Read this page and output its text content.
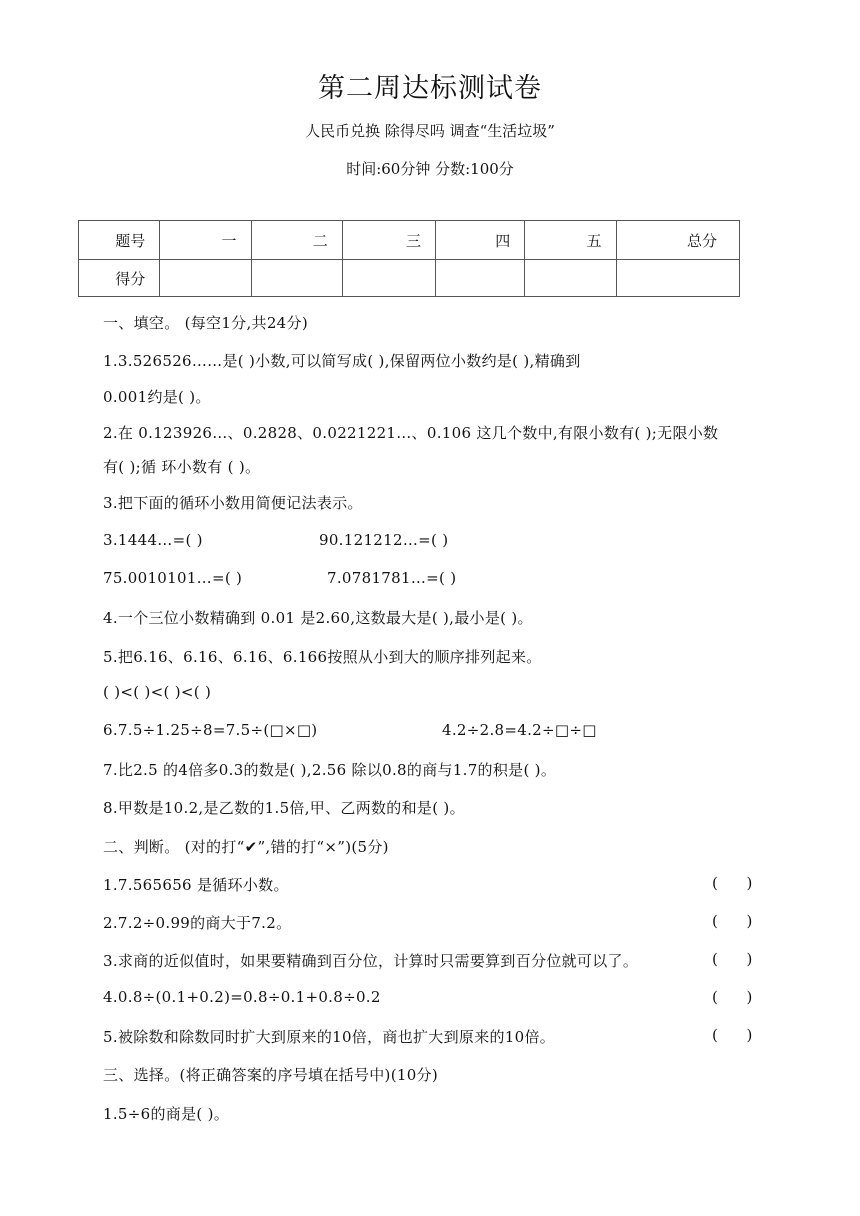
第二周达标测试卷
人民币兑换 除得尽吗 调查“生活垃圾”
时间:60分钟 分数:100分
题号	一	二	三	四	五	总分
得分						
一、填空。 (每空1分,共24分)
1.3.526526……是( )小数,可以简写成( ),保留两位小数约是( ),精确到
0.001约是( )。
2.在 0.123926…、0.2828、0.0221221…、0.106 这几个数中,有限小数有( );无限小数
有( );循 环小数有 ( )。
3.把下面的循环小数用简便记法表示。
3.1444…=( )	90.121212…=( )
75.0010101…=( )	7.0781781…=( )
4.一个三位小数精确到 0.01 是2.60,这数最大是( ),最小是( )。
5.把6.16、6.16、6.16、6.166按照从小到大的顺序排列起来。
( )<( )<( )<( )
6.7.5÷1.25÷8=7.5÷(□×□)	4.2÷2.8=4.2÷□÷□
7.比2.5 的4倍多0.3的数是( ),2.56 除以0.8的商与1.7的积是( )。
8.甲数是10.2,是乙数的1.5倍,甲、乙两数的和是( )。
二、判断。 (对的打“✔”,错的打“×”)(5分)
1.7.565656 是循环小数。	(      )
2.7.2÷0.99的商大于7.2。	(      )
3.求商的近似值时，如果要精确到百分位，计算时只需要算到百分位就可以了。	(      )
4.0.8÷(0.1+0.2)=0.8÷0.1+0.8÷0.2	(      )
5.被除数和除数同时扩大到原来的10倍，商也扩大到原来的10倍。	(      )
三、选择。(将正确答案的序号填在括号中)(10分)
1.5÷6的商是( )。
